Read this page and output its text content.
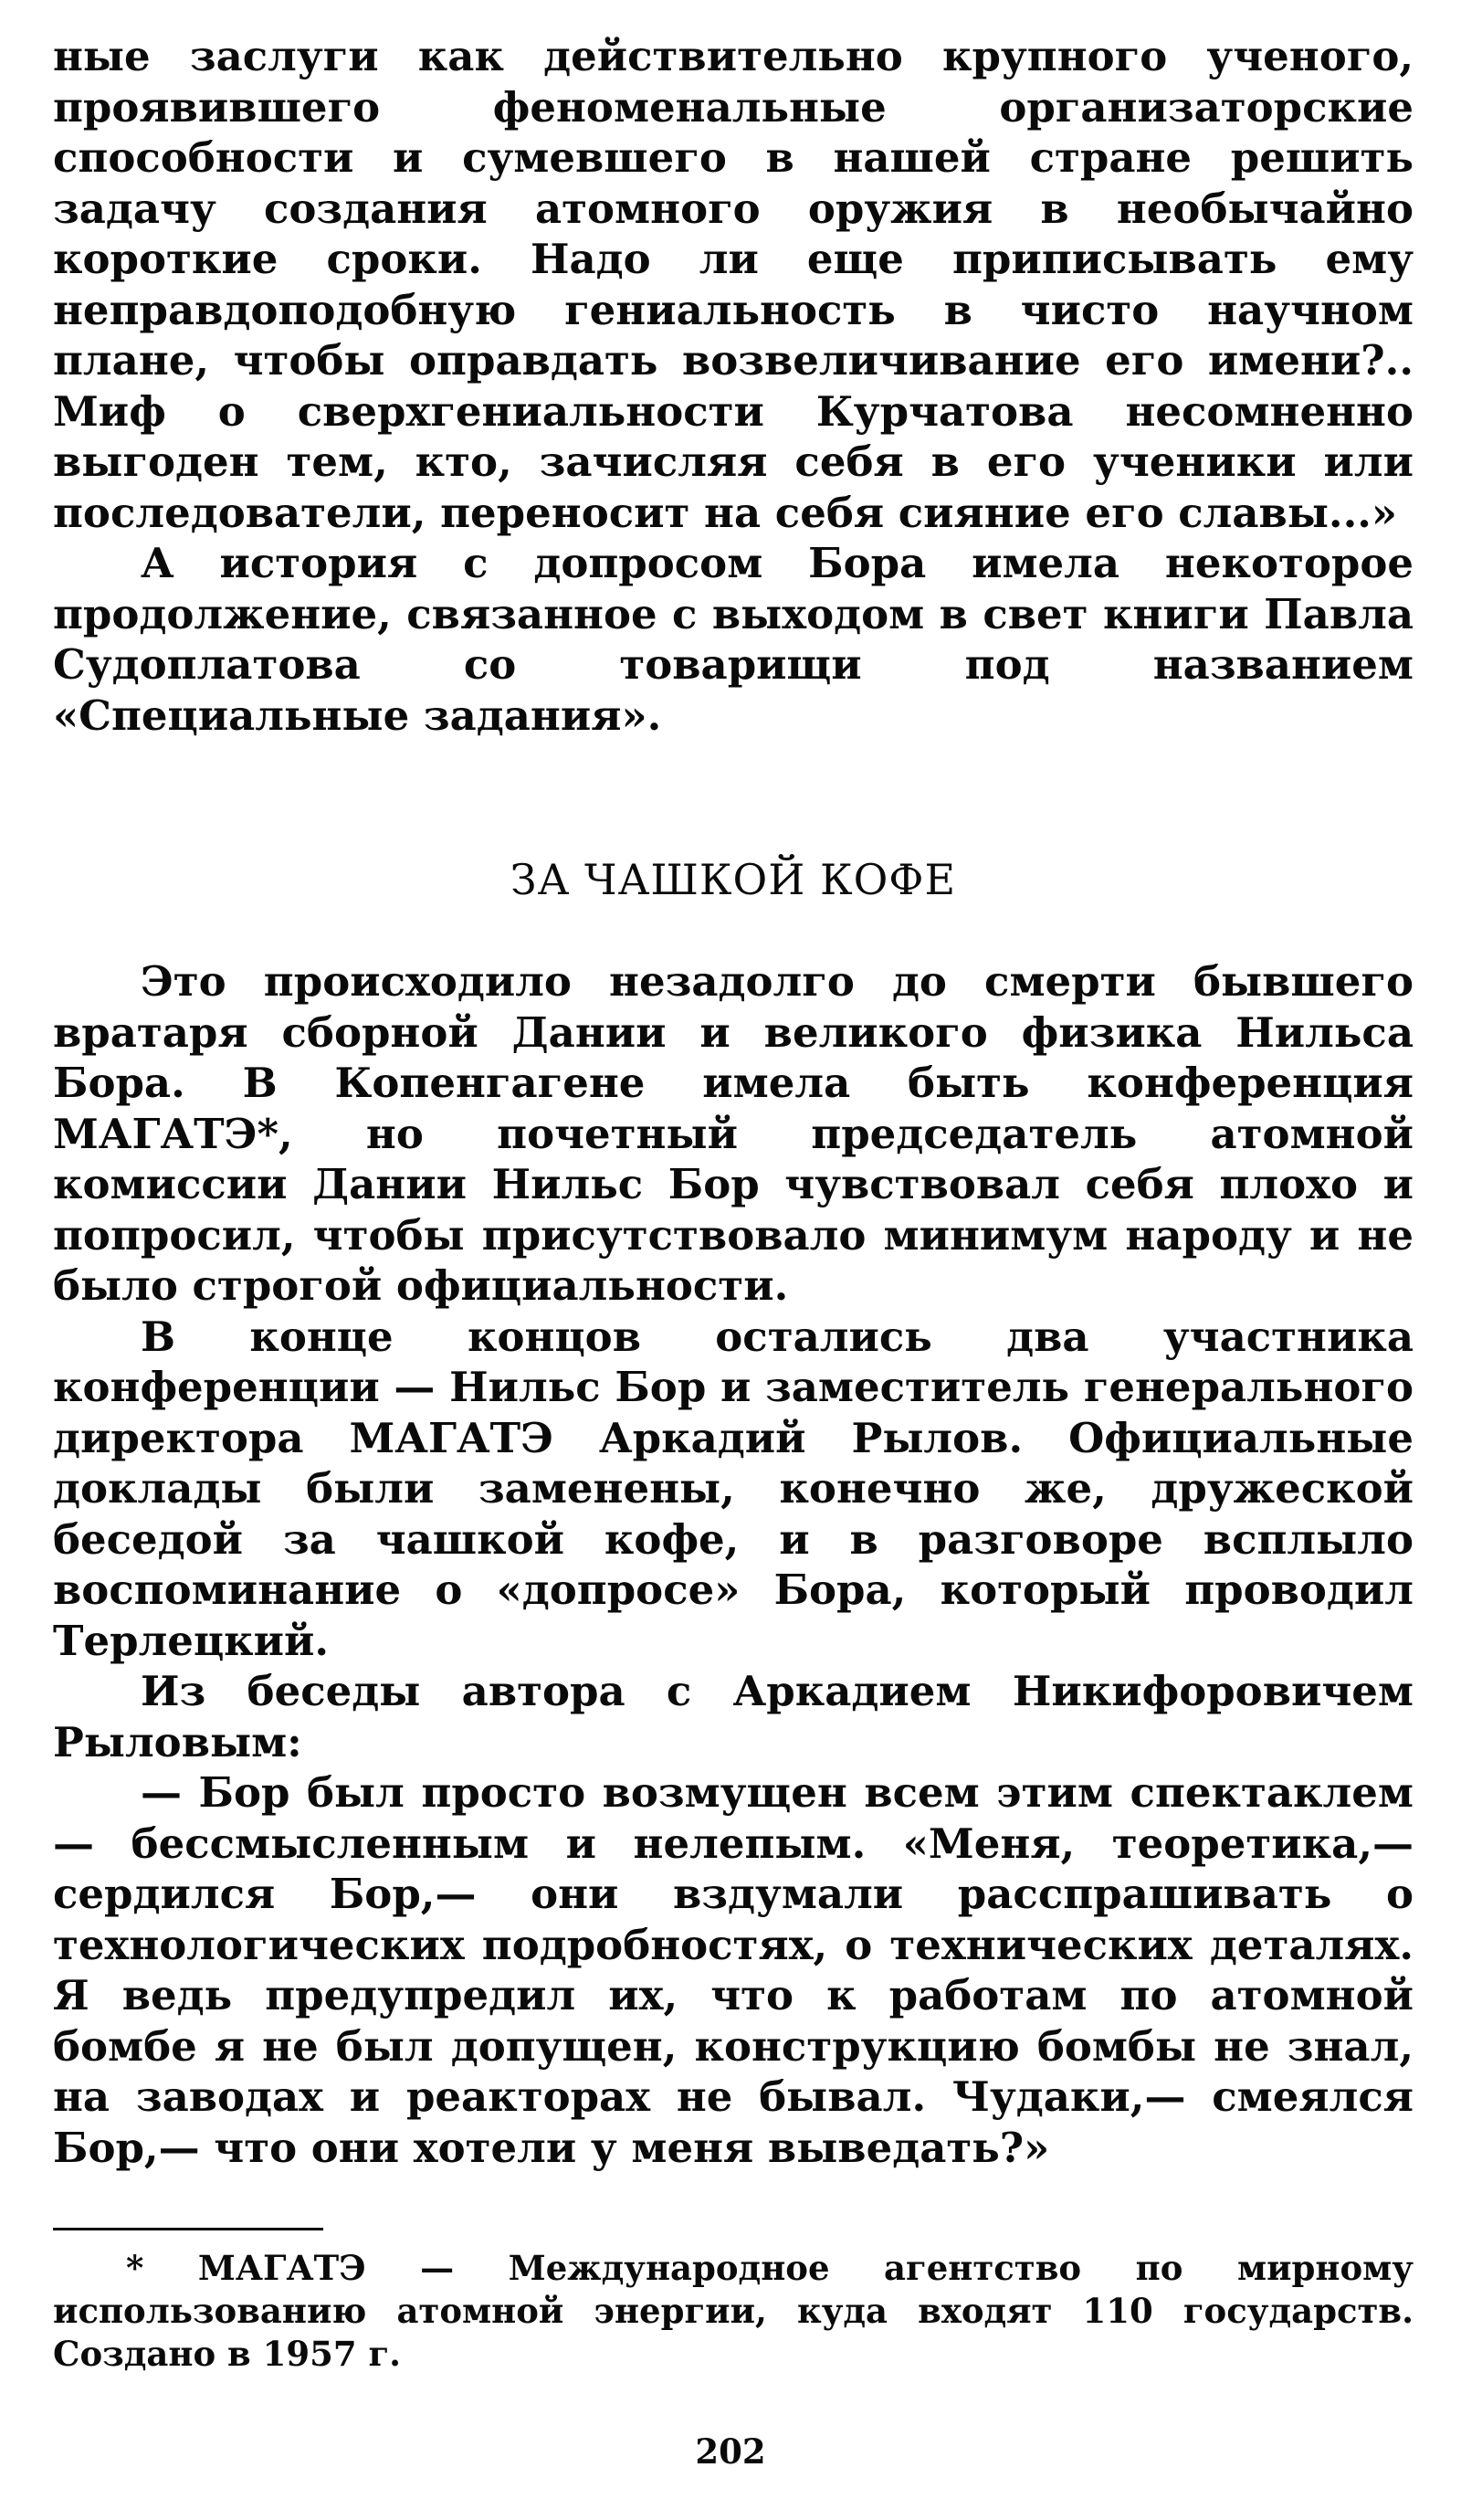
ные заслуги как действительно крупного ученого, проявившего феноменальные организаторские способности и сумевшего в нашей стране решить задачу создания атомного оружия в необычайно короткие сроки. Надо ли еще приписывать ему неправдоподобную гениальность в чисто научном плане, чтобы оправдать возвеличивание его имени?.. Миф о сверхгениальности Курчатова несомненно выгоден тем, кто, зачисляя себя в его ученики или последователи, переносит на себя сияние его славы...»

А история с допросом Бора имела некоторое продолжение, связанное с выходом в свет книги Павла Судоплатова со товарищи под названием «Специальные задания».

ЗА ЧАШКОЙ КОФЕ

Это происходило незадолго до смерти бывшего вратаря сборной Дании и великого физика Нильса Бора. В Копенгагене имела быть конференция МАГАТЭ*, но почетный председатель атомной комиссии Дании Нильс Бор чувствовал себя плохо и попросил, чтобы присутствовало минимум народу и не было строгой официальности.

В конце концов остались два участника конференции — Нильс Бор и заместитель генерального директора МАГАТЭ Аркадий Рылов. Официальные доклады были заменены, конечно же, дружеской беседой за чашкой кофе, и в разговоре всплыло воспоминание о «допросе» Бора, который проводил Терлецкий.

Из беседы автора с Аркадием Никифоровичем Рыловым:

— Бор был просто возмущен всем этим спектаклем — бессмысленным и нелепым. «Меня, теоретика,— сердился Бор,— они вздумали расспрашивать о технологических подробностях, о технических деталях. Я ведь предупредил их, что к работам по атомной бомбе я не был допущен, конструкцию бомбы не знал, на заводах и реакторах не бывал. Чудаки,— смеялся Бор,— что они хотели у меня выведать?»

* МАГАТЭ — Международное агентство по мирному использованию атомной энергии, куда входят 110 государств. Создано в 1957 г.

202
